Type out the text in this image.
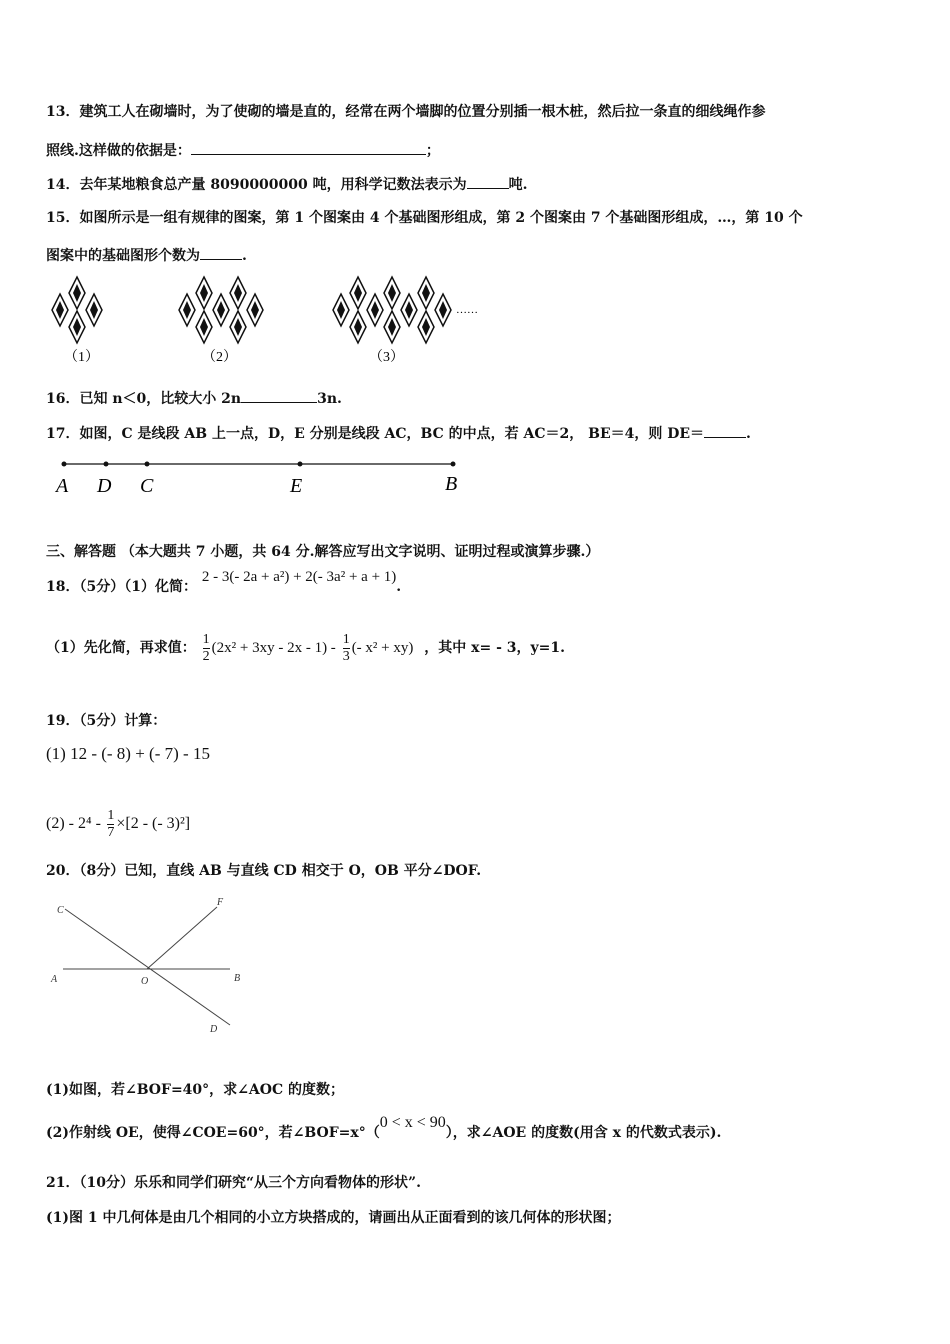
13．建筑工人在砌墙时，为了使砌的墙是直的，经常在两个墙脚的位置分别插一根木桩，然后拉一条直的细线绳作参
照线.这样做的依据是：	；
14．去年某地粮食总产量 8090000000 吨，用科学记数法表示为	吨.
15．如图所示是一组有规律的图案，第 1 个图案由 4 个基础图形组成，第 2 个图案由 7 个基础图形组成，…，第 10 个
图案中的基础图形个数为	.
……
（1）	（2）	（3）
16．已知 n＜0，比较大小 2n	3n.
17．如图，C 是线段 AB 上一点，D，E 分别是线段 AC，BC 的中点，若 AC＝2， BE＝4，则 DE＝	.
A D C	E	B
三、解答题 （本大题共 7 小题，共 64 分.解答应写出文字说明、证明过程或演算步骤.）
18．（5分）（1）化简： 2 - 3(- 2a + a²) + 2(- 3a² + a + 1).
（1）先化简，再求值： $\frac{1}{2} (2x^2 + 3xy - 2x - 1) - \frac{1}{3}$ (- x² + xy) ，其中 x= - 3，y=1.
19．（5分）计算：
(1) 12 - (- 8) + (- 7) - 15
$(2) - 2^4 - \frac{1}{7} \times[2$ - (- 3)²]
20．（8分）已知，直线 AB 与直线 CD 相交于 O，OB 平分∠DOF.
C
F
A	O	B
D
(1)如图，若∠BOF=40°，求∠AOC 的度数；
(2)作射线 OE，使得∠COE=60°，若∠BOF=x°（0 < x < 90），求∠AOE 的度数(用含 x 的代数式表示).
21．（10分）乐乐和同学们研究“从三个方向看物体的形状”.
(1)图 1 中几何体是由几个相同的小立方块搭成的，请画出从正面看到的该几何体的形状图；
